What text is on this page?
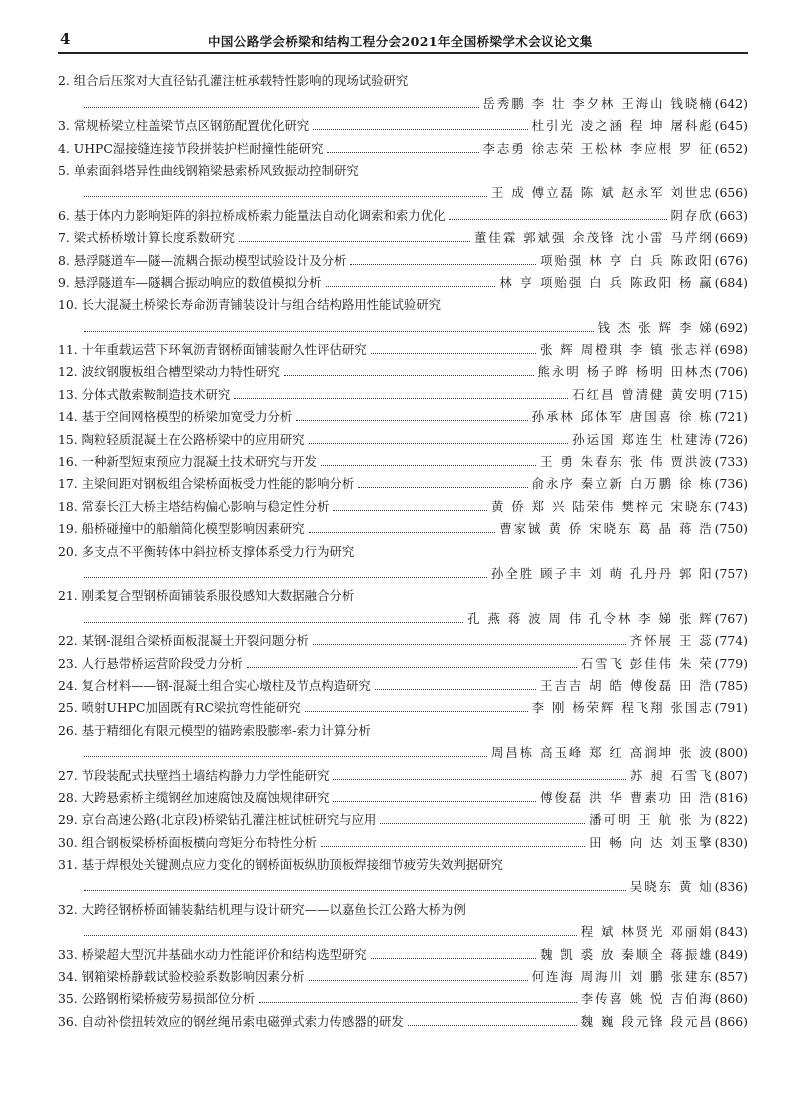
4	中国公路学会桥梁和结构工程分会2021年全国桥梁学术会议论文集
2. 组合后压浆对大直径钻孔灌注桩承载特性影响的现场试验研究
岳秀鹏 李 壮 李夕林 王海山 钱晓楠 (642)
3. 常规桥梁立柱盖梁节点区钢筋配置优化研究	杜引光 凌之涵 程 坤 屠科彪 (645)
4. UHPC湿接缝连接节段拼装护栏耐撞性能研究	李志勇 徐志荣 王松林 李应根 罗 征 (652)
5. 单索面斜塔异性曲线钢箱梁悬索桥风致振动控制研究
王 成 傅立磊 陈 斌 赵永军 刘世忠 (656)
6. 基于体内力影响矩阵的斜拉桥成桥索力能量法自动化调索和索力优化	阴存欣 (663)
7. 梁式桥桥墩计算长度系数研究	董佳霖 郭斌强 余茂锋 沈小雷 马芹纲 (669)
8. 悬浮隧道车—隧—流耦合振动模型试验设计及分析	项贻强 林 亨 白 兵 陈政阳 (676)
9. 悬浮隧道车—隧耦合振动响应的数值模拟分析	林 亨 项贻强 白 兵 陈政阳 杨 赢 (684)
10. 长大混凝土桥梁长寿命沥青铺装设计与组合结构路用性能试验研究
钱 杰 张 辉 李 娣 (692)
11. 十年重载运营下环氧沥青钢桥面铺装耐久性评估研究	张 辉 周橙琪 李 镇 张志祥 (698)
12. 波纹钢腹板组合槽型梁动力特性研究	熊永明 杨子晔 杨明 田林杰 (706)
13. 分体式散索鞍制造技术研究	石红昌 曾清健 黄安明 (715)
14. 基于空间网格模型的桥梁加宽受力分析	孙承林 邱体军 唐国喜 徐 栋 (721)
15. 陶粒轻质混凝土在公路桥梁中的应用研究	孙运国 郑连生 杜建涛 (726)
16. 一种新型短束预应力混凝土技术研究与开发	王 勇 朱春东 张 伟 贾洪波 (733)
17. 主梁间距对钢板组合梁桥面板受力性能的影响分析	俞永序 秦立新 白万鹏 徐 栋 (736)
18. 常泰长江大桥主塔结构偏心影响与稳定性分析	黄 侨 郑 兴 陆荣伟 樊梓元 宋晓东 (743)
19. 船桥碰撞中的船艏简化模型影响因素研究	曹家铖 黄 侨 宋晓东 葛 晶 蒋 浩 (750)
20. 多支点不平衡转体中斜拉桥支撑体系受力行为研究
孙全胜 顾子丰 刘 萌 孔丹丹 郭 阳 (757)
21. 刚柔复合型钢桥面铺装系服役感知大数据融合分析
孔 燕 蒋 波 周 伟 孔令林 李 娣 张 辉 (767)
22. 某钢-混组合梁桥面板混凝土开裂问题分析	齐怀展 王 蕊 (774)
23. 人行悬带桥运营阶段受力分析	石雪飞 彭佳伟 朱 荣 (779)
24. 复合材料——钢-混凝土组合实心墩柱及节点构造研究	王吉吉 胡 皓 傅俊磊 田 浩 (785)
25. 喷射UHPC加固既有RC梁抗弯性能研究	李 刚 杨荣辉 程飞翔 张国志 (791)
26. 基于精细化有限元模型的锚跨索股膨率-索力计算分析
周昌栋 高玉峰 郑 红 高润坤 张 波 (800)
27. 节段装配式扶壁挡土墙结构静力力学性能研究	苏 昶 石雪飞 (807)
28. 大跨悬索桥主缆钢丝加速腐蚀及腐蚀规律研究	傅俊磊 洪 华 曹素功 田 浩 (816)
29. 京台高速公路(北京段)桥梁钻孔灌注桩试桩研究与应用	潘可明 王 航 张 为 (822)
30. 组合钢板梁桥桥面板横向弯矩分布特性分析	田 畅 向 达 刘玉擎 (830)
31. 基于焊根处关键测点应力变化的钢桥面板纵肋顶板焊接细节疲劳失效判据研究
吴晓东 黄 灿 (836)
32. 大跨径钢桥桥面铺装黏结机理与设计研究——以嘉鱼长江公路大桥为例
程 斌 林贤光 邓丽娟 (843)
33. 桥梁超大型沉井基础水动力性能评价和结构选型研究	魏 凯 裘 放 秦顺全 蒋振雄 (849)
34. 钢箱梁桥静载试验校验系数影响因素分析	何连海 周海川 刘 鹏 张建东 (857)
35. 公路钢桁梁桥疲劳易损部位分析	李传喜 姚 悦 吉伯海 (860)
36. 自动补偿扭转效应的钢丝绳吊索电磁弹式索力传感器的研发	魏 巍 段元锋 段元昌 (866)
